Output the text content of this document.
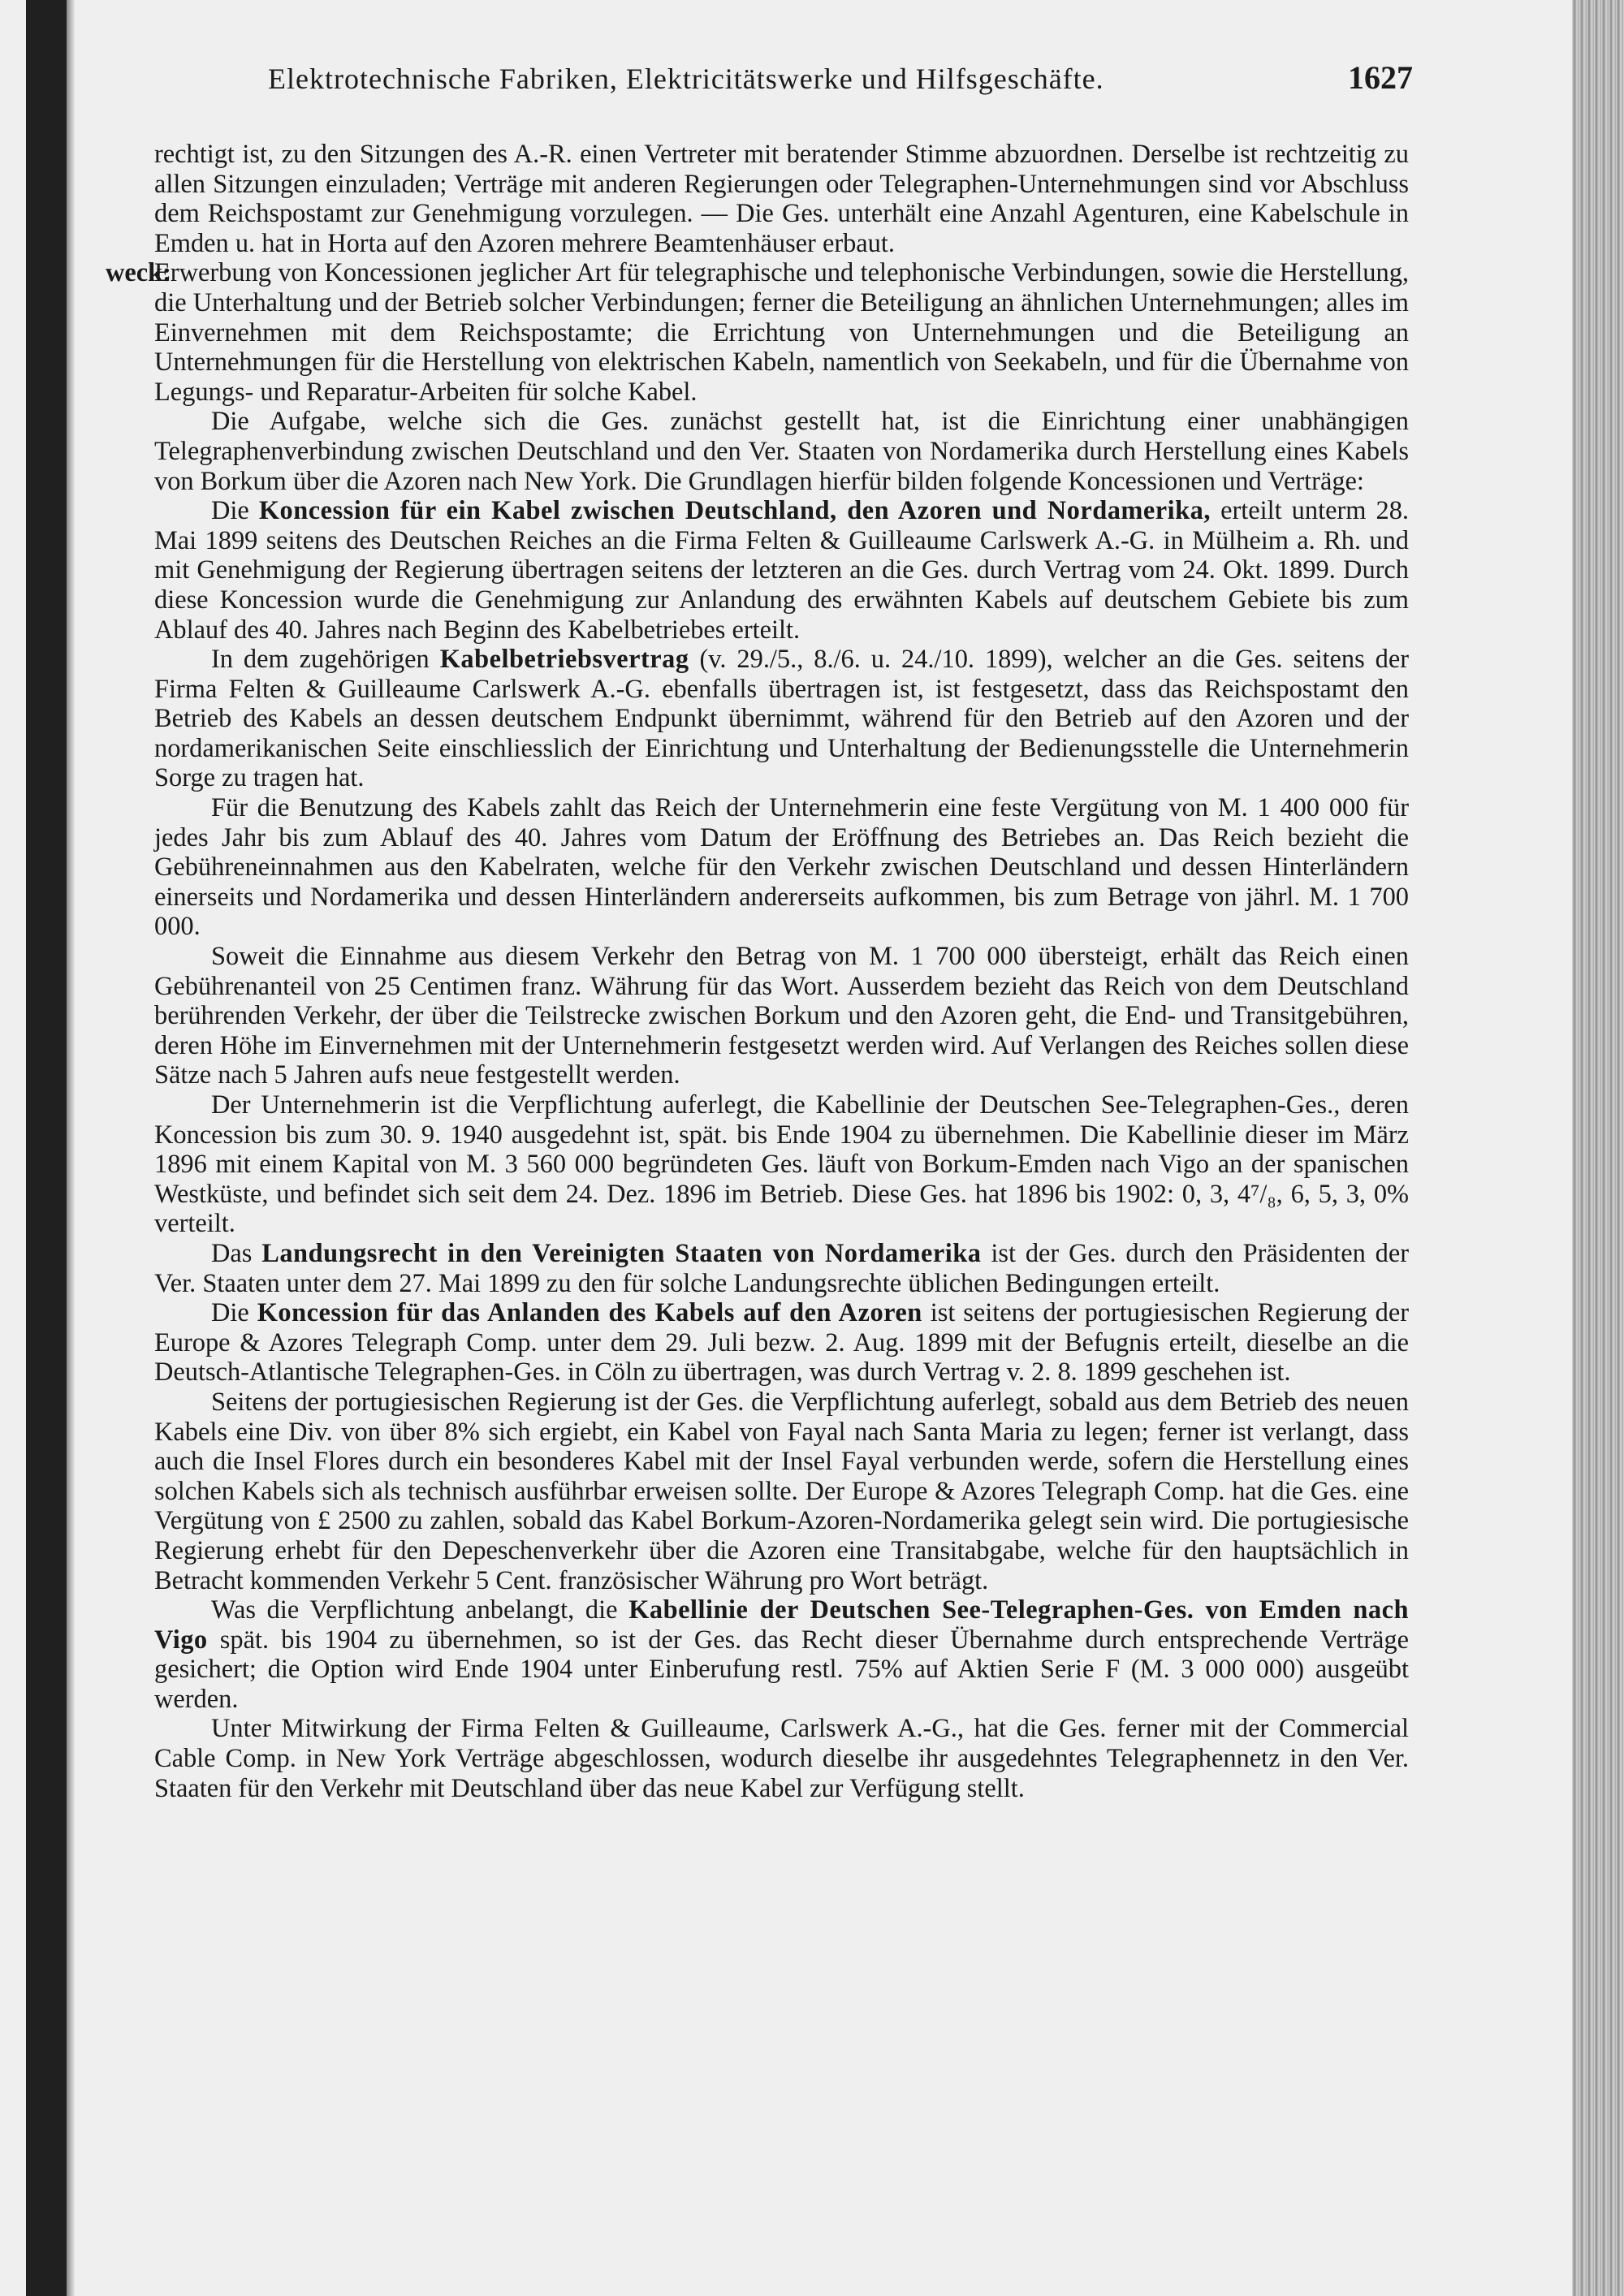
Elektrotechnische Fabriken, Elektricitätswerke und Hilfsgeschäfte.	1627

rechtigt ist, zu den Sitzungen des A.-R. einen Vertreter mit beratender Stimme abzuordnen. Derselbe ist rechtzeitig zu allen Sitzungen einzuladen; Verträge mit anderen Regierungen oder Telegraphen-Unternehmungen sind vor Abschluss dem Reichspostamt zur Genehmigung vorzulegen. — Die Ges. unterhält eine Anzahl Agenturen, eine Kabelschule in Emden u. hat in Horta auf den Azoren mehrere Beamtenhäuser erbaut.

weck:
Erwerbung von Koncessionen jeglicher Art für telegraphische und telephonische Verbindungen, sowie die Herstellung, die Unterhaltung und der Betrieb solcher Verbindungen; ferner die Beteiligung an ähnlichen Unternehmungen; alles im Einvernehmen mit dem Reichspostamte; die Errichtung von Unternehmungen und die Beteiligung an Unternehmungen für die Herstellung von elektrischen Kabeln, namentlich von Seekabeln, und für die Übernahme von Legungs- und Reparatur-Arbeiten für solche Kabel.

Die Aufgabe, welche sich die Ges. zunächst gestellt hat, ist die Einrichtung einer unabhängigen Telegraphenverbindung zwischen Deutschland und den Ver. Staaten von Nordamerika durch Herstellung eines Kabels von Borkum über die Azoren nach New York. Die Grundlagen hierfür bilden folgende Koncessionen und Verträge:

Die Koncession für ein Kabel zwischen Deutschland, den Azoren und Nordamerika, erteilt unterm 28. Mai 1899 seitens des Deutschen Reiches an die Firma Felten & Guilleaume Carlswerk A.-G. in Mülheim a. Rh. und mit Genehmigung der Regierung übertragen seitens der letzteren an die Ges. durch Vertrag vom 24. Okt. 1899. Durch diese Koncession wurde die Genehmigung zur Anlandung des erwähnten Kabels auf deutschem Gebiete bis zum Ablauf des 40. Jahres nach Beginn des Kabelbetriebes erteilt.

In dem zugehörigen Kabelbetriebsvertrag (v. 29./5., 8./6. u. 24./10. 1899), welcher an die Ges. seitens der Firma Felten & Guilleaume Carlswerk A.-G. ebenfalls übertragen ist, ist festgesetzt, dass das Reichspostamt den Betrieb des Kabels an dessen deutschem Endpunkt übernimmt, während für den Betrieb auf den Azoren und der nordamerikanischen Seite einschliesslich der Einrichtung und Unterhaltung der Bedienungsstelle die Unternehmerin Sorge zu tragen hat.

Für die Benutzung des Kabels zahlt das Reich der Unternehmerin eine feste Vergütung von M. 1 400 000 für jedes Jahr bis zum Ablauf des 40. Jahres vom Datum der Eröffnung des Betriebes an. Das Reich bezieht die Gebühreneinnahmen aus den Kabelraten, welche für den Verkehr zwischen Deutschland und dessen Hinterländern einerseits und Nordamerika und dessen Hinterländern andererseits aufkommen, bis zum Betrage von jährl. M. 1 700 000.

Soweit die Einnahme aus diesem Verkehr den Betrag von M. 1 700 000 übersteigt, erhält das Reich einen Gebührenanteil von 25 Centimen franz. Währung für das Wort. Ausserdem bezieht das Reich von dem Deutschland berührenden Verkehr, der über die Teilstrecke zwischen Borkum und den Azoren geht, die End- und Transitgebühren, deren Höhe im Einvernehmen mit der Unternehmerin festgesetzt werden wird. Auf Verlangen des Reiches sollen diese Sätze nach 5 Jahren aufs neue festgestellt werden.

Der Unternehmerin ist die Verpflichtung auferlegt, die Kabellinie der Deutschen See-Telegraphen-Ges., deren Koncession bis zum 30. 9. 1940 ausgedehnt ist, spät. bis Ende 1904 zu übernehmen. Die Kabellinie dieser im März 1896 mit einem Kapital von M. 3 560 000 begründeten Ges. läuft von Borkum-Emden nach Vigo an der spanischen Westküste, und befindet sich seit dem 24. Dez. 1896 im Betrieb. Diese Ges. hat 1896 bis 1902: 0, 3, 4⁷/₈, 6, 5, 3, 0% verteilt.

Das Landungsrecht in den Vereinigten Staaten von Nordamerika ist der Ges. durch den Präsidenten der Ver. Staaten unter dem 27. Mai 1899 zu den für solche Landungsrechte üblichen Bedingungen erteilt.

Die Koncession für das Anlanden des Kabels auf den Azoren ist seitens der portugiesischen Regierung der Europe & Azores Telegraph Comp. unter dem 29. Juli bezw. 2. Aug. 1899 mit der Befugnis erteilt, dieselbe an die Deutsch-Atlantische Telegraphen-Ges. in Cöln zu übertragen, was durch Vertrag v. 2. 8. 1899 geschehen ist.

Seitens der portugiesischen Regierung ist der Ges. die Verpflichtung auferlegt, sobald aus dem Betrieb des neuen Kabels eine Div. von über 8% sich ergiebt, ein Kabel von Fayal nach Santa Maria zu legen; ferner ist verlangt, dass auch die Insel Flores durch ein besonderes Kabel mit der Insel Fayal verbunden werde, sofern die Herstellung eines solchen Kabels sich als technisch ausführbar erweisen sollte. Der Europe & Azores Telegraph Comp. hat die Ges. eine Vergütung von £ 2500 zu zahlen, sobald das Kabel Borkum-Azoren-Nordamerika gelegt sein wird. Die portugiesische Regierung erhebt für den Depeschenverkehr über die Azoren eine Transitabgabe, welche für den hauptsächlich in Betracht kommenden Verkehr 5 Cent. französischer Währung pro Wort beträgt.

Was die Verpflichtung anbelangt, die Kabellinie der Deutschen See-Telegraphen-Ges. von Emden nach Vigo spät. bis 1904 zu übernehmen, so ist der Ges. das Recht dieser Übernahme durch entsprechende Verträge gesichert; die Option wird Ende 1904 unter Einberufung restl. 75% auf Aktien Serie F (M. 3 000 000) ausgeübt werden.

Unter Mitwirkung der Firma Felten & Guilleaume, Carlswerk A.-G., hat die Ges. ferner mit der Commercial Cable Comp. in New York Verträge abgeschlossen, wodurch dieselbe ihr ausgedehntes Telegraphennetz in den Ver. Staaten für den Verkehr mit Deutschland über das neue Kabel zur Verfügung stellt.
